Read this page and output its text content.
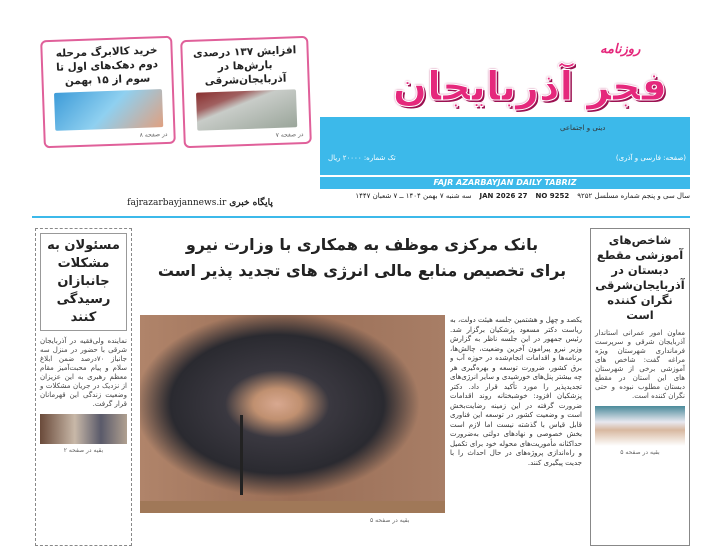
خرید کالابرگ مرحله دوم دهک‌های اول تا سوم از ۱۵ بهمن
در صفحه ۸
افزایش ۱۳۷ درصدی بارش‌ها در آذربایجان‌شرقی
در صفحه ۷
پایگاه خبری fajrazarbayjannews.ir
روزنامه
فجر آذربایجان
دینی و اجتماعی
(صفحه: فارسی و آذری)
تک شماره: ۲۰۰۰۰ ریال
FAJR AZARBAYJAN DAILY TABRIZ
سال سی و پنجم شماره مسلسل ۹۲۵۲
NO 9252
27 JAN 2026
سه شنبه ۷ بهمن ۱۴۰۴ ــ ۷ شعبان ۱۴۴۷
مسئولان به مشکلات جانبازان رسیدگی کنند
نماینده ولی‌فقیه در آذربایجان شرقی با حضور در منزل سه جانباز ۷۰درصد ضمن ابلاغ سلام و پیام محبت‌آمیز مقام معظم رهبری به این عزیزان از نزدیک در جریان مشکلات و وضعیت زندگی این قهرمانان قرار گرفت.
بقیه در صفحه ۲
بانک مرکزی موظف به همکاری با وزارت نیرو
برای تخصیص منابع مالی انرژی های تجدید پذیر است
بقیه در صفحه ۵
یکصد و چهل و هشتمین جلسه هیئت دولت، به ریاست دکتر مسعود پزشکیان برگزار شد. رئیس جمهور در این جلسه ناظر به گزارش وزیر نیرو پیرامون آخرین وضعیت، چالش‌ها، برنامه‌ها و اقدامات انجام‌شده در حوزه آب و برق کشور، ضرورت توسعه و بهره‌گیری هر چه بیشتر پنل‌های خورشیدی و سایر انرژی‌های تجدیدپذیر را مورد تأکید قرار داد. دکتر پزشکیان افزود: خوشبختانه روند اقدامات ضرورت گرفته در این زمینه رضایت‌بخش است و وضعیت کشور در توسعه این فناوری قابل قیاس با گذشته نیست اما لازم است بخش خصوصی و نهادهای دولتی به‌ضرورت حداکثانه مأموریت‌های محوله خود برای تکمیل و راه‌اندازی پروژه‌های در حال احداث را با جدیت پیگیری کنند.
شاخص‌های آموزشی مقطع دبستان در آذربایجان‌شرقی نگران کننده است
معاون امور عمرانی استاندار آذربایجان شرقی و سرپرست فرمانداری شهرستان ویژه مراغه گفت: شاخص های آموزشی برخی از شهرستان های این استان در مقطع دبستان مطلوب نبوده و حتی نگران کننده است.
بقیه در صفحه ۵
